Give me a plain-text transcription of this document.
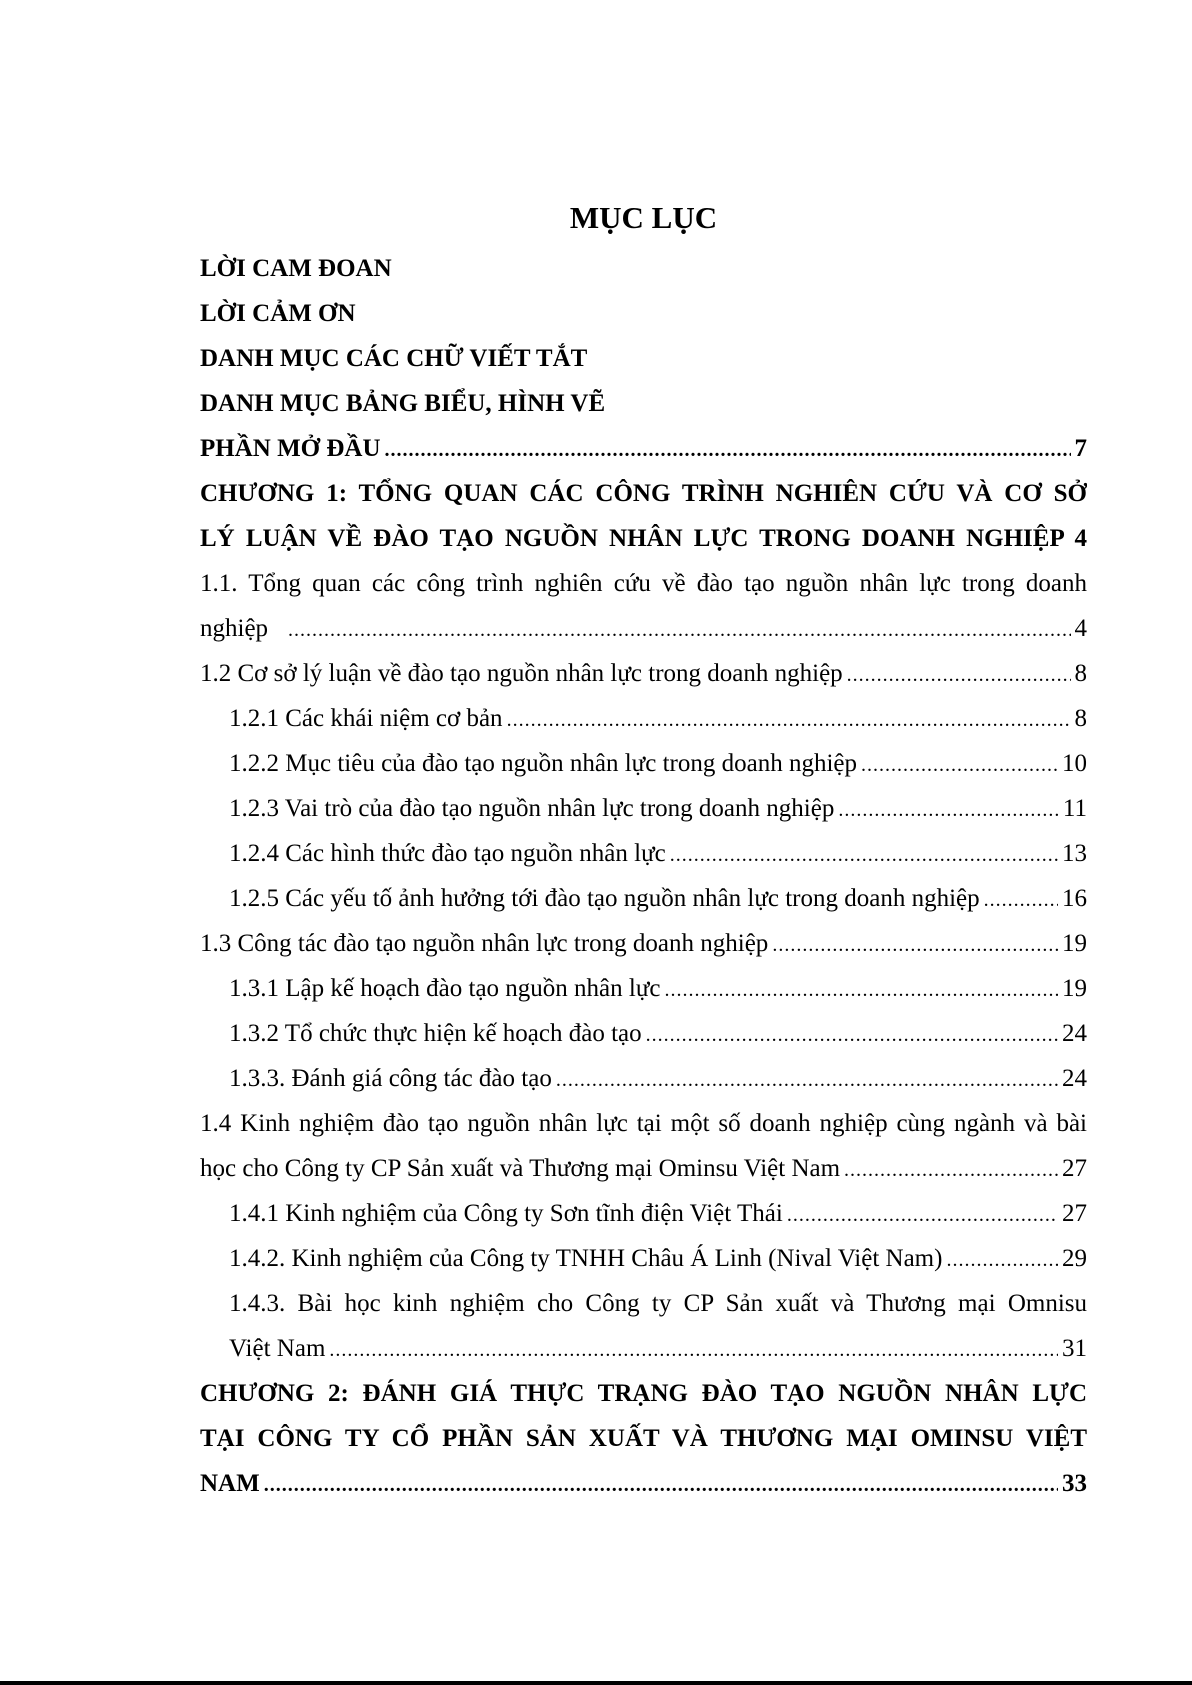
MỤC LỤC
LỜI CAM ĐOAN
LỜI CẢM ƠN
DANH MỤC CÁC CHỮ VIẾT TẮT
DANH MỤC BẢNG BIỂU, HÌNH VẼ
PHẦN MỞ ĐẦU .....	7
CHƯƠNG 1: TỔNG QUAN CÁC CÔNG TRÌNH NGHIÊN CỨU VÀ CƠ SỞ
LÝ LUẬN VỀ ĐÀO TẠO NGUỒN NHÂN LỰC TRONG DOANH NGHIỆP 4
1.1. Tổng quan các công trình nghiên cứu về đào tạo nguồn nhân lực trong doanh
nghiệp .....	4
1.2 Cơ sở lý luận về đào tạo nguồn nhân lực trong doanh nghiệp .....	8
1.2.1 Các khái niệm cơ bản .....	8
1.2.2 Mục tiêu của đào tạo nguồn nhân lực trong doanh nghiệp .....	10
1.2.3 Vai trò của đào tạo nguồn nhân lực trong doanh nghiệp .....	11
1.2.4 Các hình thức đào tạo nguồn nhân lực .....	13
1.2.5 Các yếu tố ảnh hưởng tới đào tạo nguồn nhân lực trong doanh nghiệp .....	16
1.3 Công tác đào tạo nguồn nhân lực trong doanh nghiệp .....	19
1.3.1 Lập kế hoạch đào tạo nguồn nhân lực .....	19
1.3.2 Tổ chức thực hiện kế hoạch đào tạo .....	24
1.3.3. Đánh giá công tác đào tạo .....	24
1.4 Kinh nghiệm đào tạo nguồn nhân lực tại một số doanh nghiệp cùng ngành và bài
học cho Công ty CP Sản xuất và Thương mại Ominsu Việt Nam .....	27
1.4.1 Kinh nghiệm của Công ty Sơn tĩnh điện Việt Thái .....	27
1.4.2. Kinh nghiệm của Công ty TNHH Châu Á Linh (Nival Việt Nam) .....	29
1.4.3. Bài học kinh nghiệm cho Công ty CP Sản xuất và Thương mại Omnisu
Việt Nam .....	31
CHƯƠNG 2: ĐÁNH GIÁ THỰC TRẠNG ĐÀO TẠO NGUỒN NHÂN LỰC
TẠI CÔNG TY CỔ PHẦN SẢN XUẤT VÀ THƯƠNG MẠI OMINSU VIỆT
NAM .....	33
